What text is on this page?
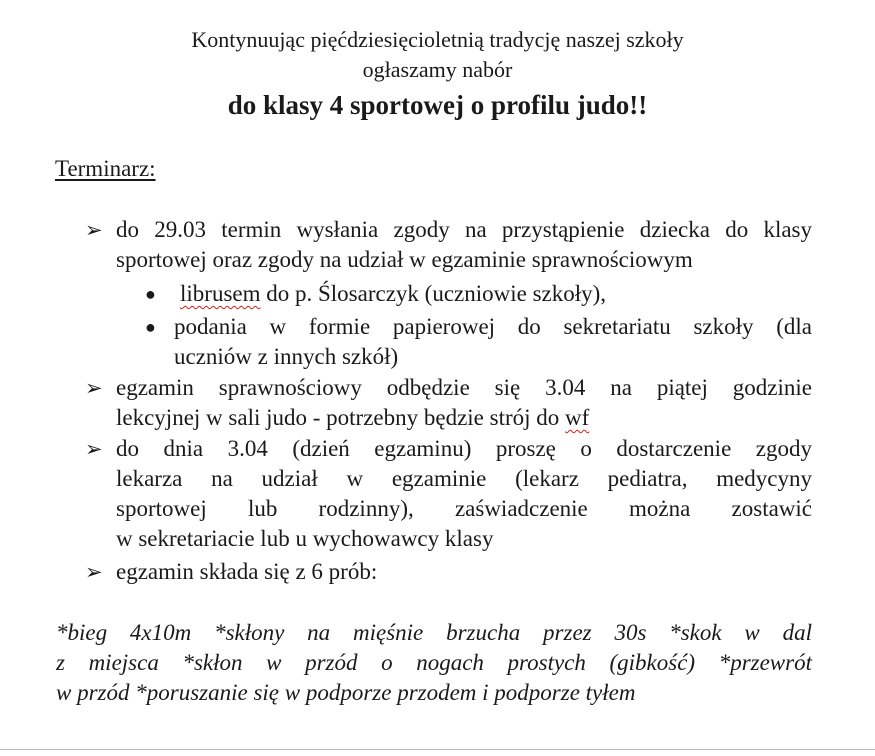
Kontynuując pięćdziesięcioletnią tradycję naszej szkoły
ogłaszamy nabór
do klasy 4 sportowej o profilu judo!!
Terminarz:
➢ do 29.03 termin wysłania zgody na przystąpienie dziecka do klasy
sportowej oraz zgody na udział w egzaminie sprawnościowym
● librusem do p. Ślosarczyk (uczniowie szkoły),
● podania w formie papierowej do sekretariatu szkoły (dla
uczniów z innych szkół)
➢ egzamin sprawnościowy odbędzie się 3.04 na piątej godzinie
lekcyjnej w sali judo - potrzebny będzie strój do wf
➢ do dnia 3.04 (dzień egzaminu) proszę o dostarczenie zgody
lekarza na udział w egzaminie (lekarz pediatra, medycyny
sportowej lub rodzinny), zaświadczenie można zostawić
w sekretariacie lub u wychowawcy klasy
➢ egzamin składa się z 6 prób:
*bieg 4x10m *skłony na mięśnie brzucha przez 30s *skok w dal
z miejsca *skłon w przód o nogach prostych (gibkość) *przewrót
w przód *poruszanie się w podporze przodem i podporze tyłem
